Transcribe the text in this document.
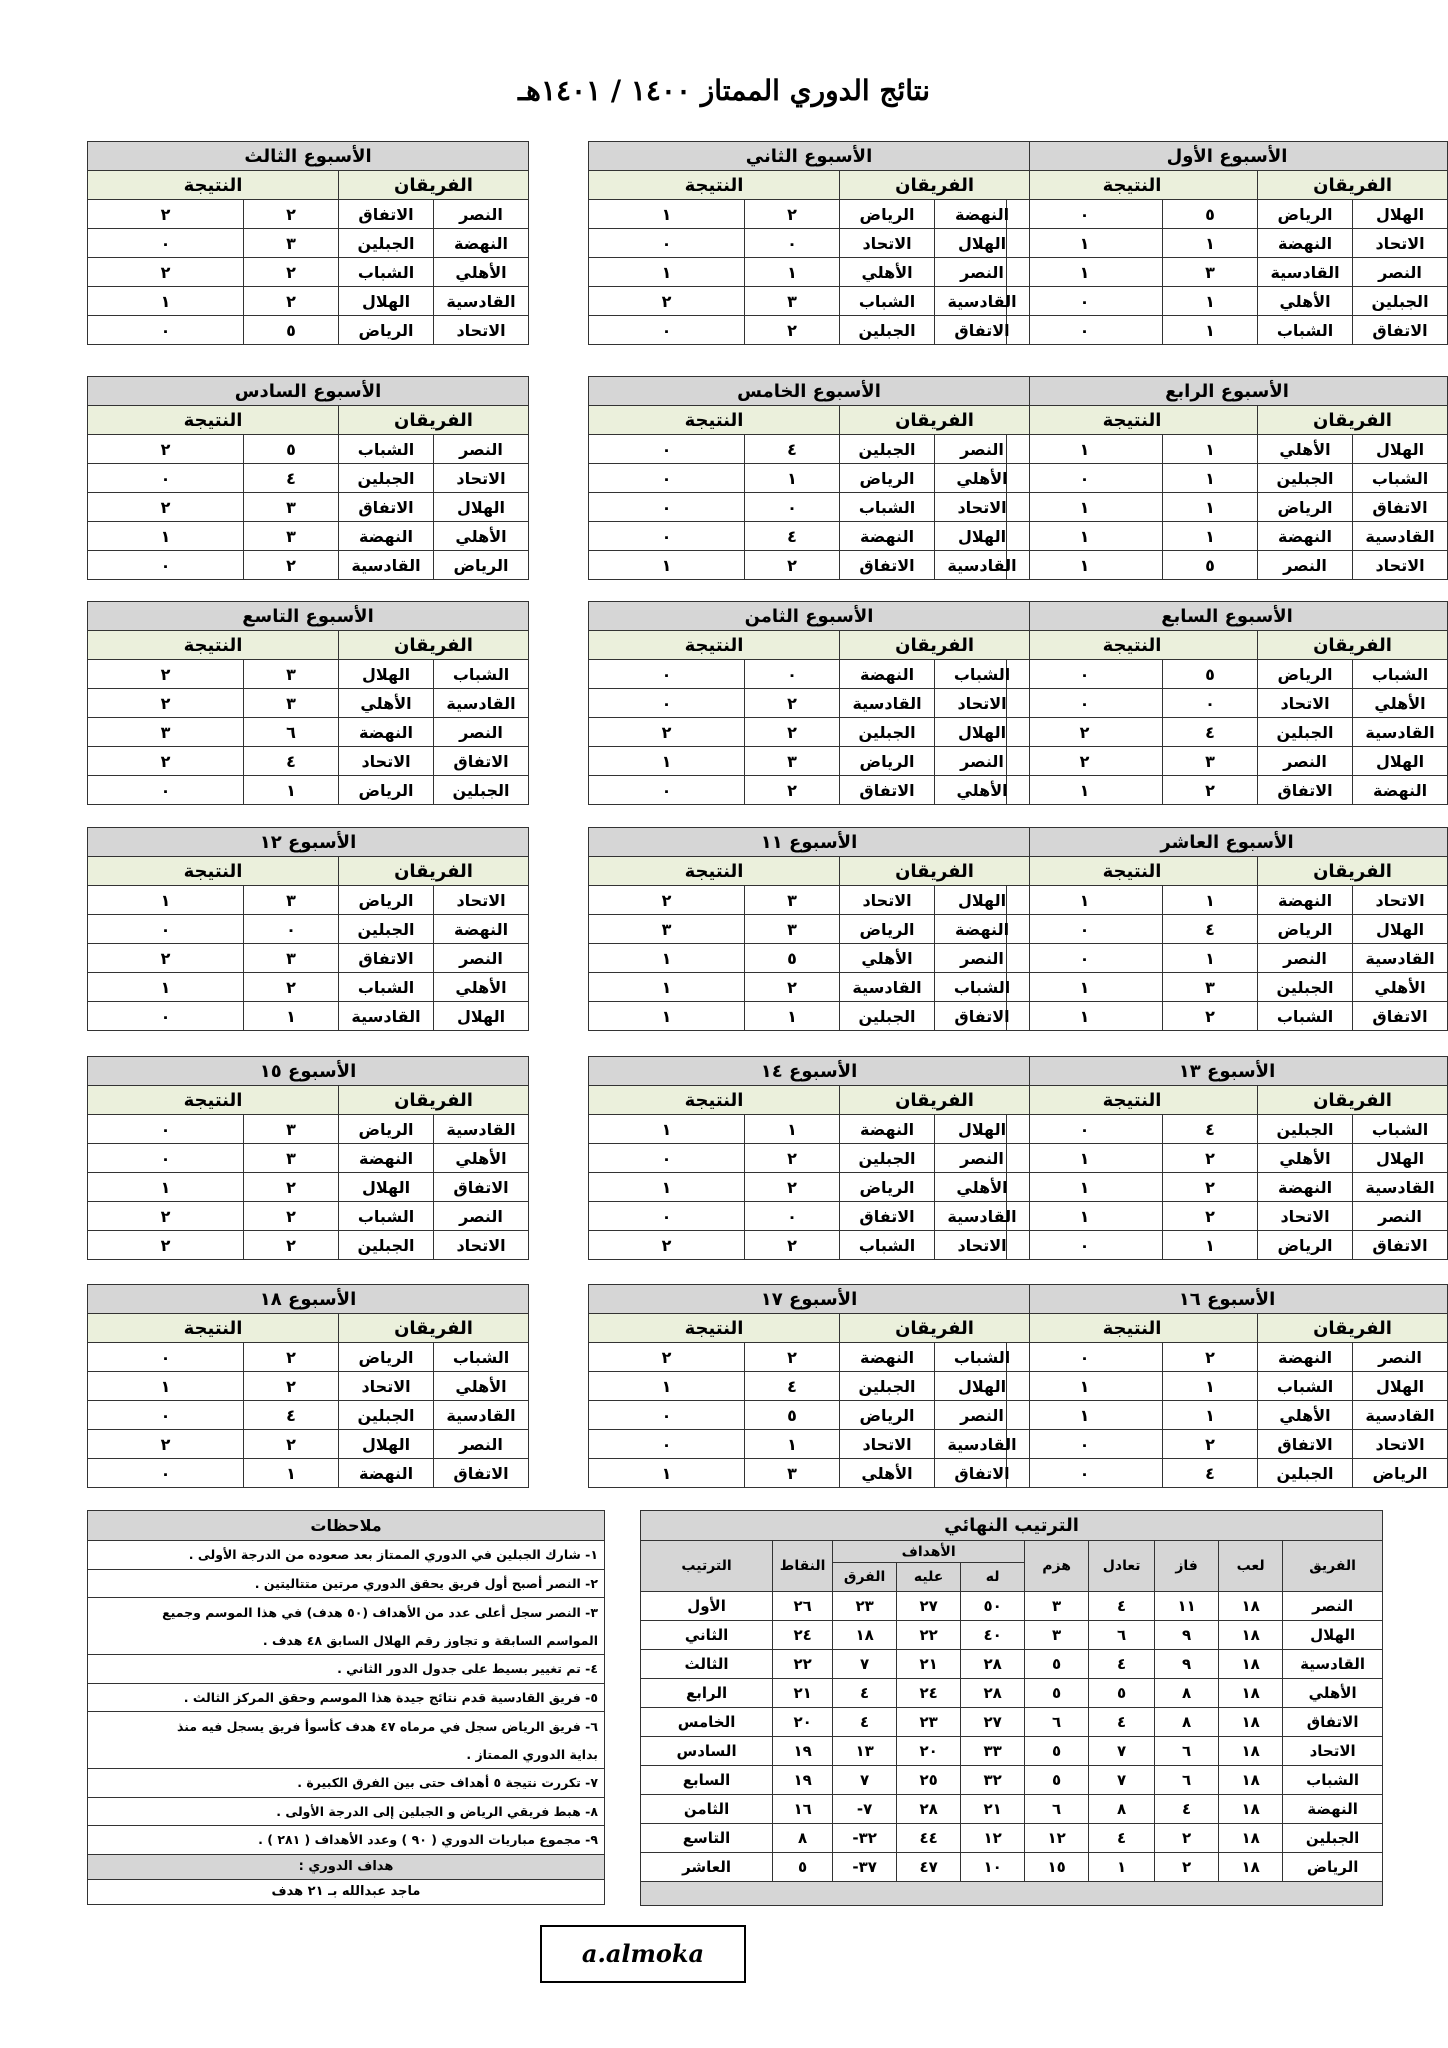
نتائج الدوري الممتاز ١٤٠٠ / ١٤٠١هـ
الأسبوع الأول			
الفريقان		النتيجة	
الهلال	الرياض	٥	٠
الاتحاد	النهضة	١	١
النصر	القادسية	٣	١
الجبلين	الأهلي	١	٠
الاتفاق	الشباب	١	٠
الأسبوع الثاني			
الفريقان		النتيجة	
النهضة	الرياض	٢	١
الهلال	الاتحاد	٠	٠
النصر	الأهلي	١	١
القادسية	الشباب	٣	٢
الاتفاق	الجبلين	٢	٠
الأسبوع الثالث			
الفريقان		النتيجة	
النصر	الاتفاق	٢	٢
النهضة	الجبلين	٣	٠
الأهلي	الشباب	٢	٢
القادسية	الهلال	٢	١
الاتحاد	الرياض	٥	٠
الأسبوع الرابع			
الفريقان		النتيجة	
الهلال	الأهلي	١	١
الشباب	الجبلين	١	٠
الاتفاق	الرياض	١	١
القادسية	النهضة	١	١
الاتحاد	النصر	٥	١
الأسبوع الخامس			
الفريقان		النتيجة	
النصر	الجبلين	٤	٠
الأهلي	الرياض	١	٠
الاتحاد	الشباب	٠	٠
الهلال	النهضة	٤	٠
القادسية	الاتفاق	٢	١
الأسبوع السادس			
الفريقان		النتيجة	
النصر	الشباب	٥	٢
الاتحاد	الجبلين	٤	٠
الهلال	الاتفاق	٣	٢
الأهلي	النهضة	٣	١
الرياض	القادسية	٢	٠
الأسبوع السابع			
الفريقان		النتيجة	
الشباب	الرياض	٥	٠
الأهلي	الاتحاد	٠	٠
القادسية	الجبلين	٤	٢
الهلال	النصر	٣	٢
النهضة	الاتفاق	٢	١
الأسبوع الثامن			
الفريقان		النتيجة	
الشباب	النهضة	٠	٠
الاتحاد	القادسية	٢	٠
الهلال	الجبلين	٢	٢
النصر	الرياض	٣	١
الأهلي	الاتفاق	٢	٠
الأسبوع التاسع			
الفريقان		النتيجة	
الشباب	الهلال	٣	٢
القادسية	الأهلي	٣	٢
النصر	النهضة	٦	٣
الاتفاق	الاتحاد	٤	٢
الجبلين	الرياض	١	٠
الأسبوع العاشر			
الفريقان		النتيجة	
الاتحاد	النهضة	١	١
الهلال	الرياض	٤	٠
القادسية	النصر	١	٠
الأهلي	الجبلين	٣	١
الاتفاق	الشباب	٢	١
الأسبوع ١١			
الفريقان		النتيجة	
الهلال	الاتحاد	٣	٢
النهضة	الرياض	٣	٣
النصر	الأهلي	٥	١
الشباب	القادسية	٢	١
الاتفاق	الجبلين	١	١
الأسبوع ١٢			
الفريقان		النتيجة	
الاتحاد	الرياض	٣	١
النهضة	الجبلين	٠	٠
النصر	الاتفاق	٣	٢
الأهلي	الشباب	٢	١
الهلال	القادسية	١	٠
الأسبوع ١٣			
الفريقان		النتيجة	
الشباب	الجبلين	٤	٠
الهلال	الأهلي	٢	١
القادسية	النهضة	٢	١
النصر	الاتحاد	٢	١
الاتفاق	الرياض	١	٠
الأسبوع ١٤			
الفريقان		النتيجة	
الهلال	النهضة	١	١
النصر	الجبلين	٢	٠
الأهلي	الرياض	٢	١
القادسية	الاتفاق	٠	٠
الاتحاد	الشباب	٢	٢
الأسبوع ١٥			
الفريقان		النتيجة	
القادسية	الرياض	٣	٠
الأهلي	النهضة	٣	٠
الاتفاق	الهلال	٢	١
النصر	الشباب	٢	٢
الاتحاد	الجبلين	٢	٢
الأسبوع ١٦			
الفريقان		النتيجة	
النصر	النهضة	٢	٠
الهلال	الشباب	١	١
القادسية	الأهلي	١	١
الاتحاد	الاتفاق	٢	٠
الرياض	الجبلين	٤	٠
الأسبوع ١٧			
الفريقان		النتيجة	
الشباب	النهضة	٢	٢
الهلال	الجبلين	٤	١
النصر	الرياض	٥	٠
القادسية	الاتحاد	١	٠
الاتفاق	الأهلي	٣	١
الأسبوع ١٨			
الفريقان		النتيجة	
الشباب	الرياض	٢	٠
الأهلي	الاتحاد	٢	١
القادسية	الجبلين	٤	٠
النصر	الهلال	٢	٢
الاتفاق	النهضة	١	٠
ملاحظات
١- شارك الجبلين في الدوري الممتاز بعد صعوده من الدرجة الأولى .
٢- النصر أصبح أول فريق يحقق الدوري مرتين متتاليتين .
٣- النصر سجل أعلى عدد من الأهداف (٥٠ هدف) في هذا الموسم وجميع
المواسم السابقة و تجاوز رقم الهلال السابق ٤٨ هدف .
٤- تم تغيير بسيط على جدول الدور الثاني .
٥- فريق القادسية قدم نتائج جيدة هذا الموسم وحقق المركز الثالث .
٦- فريق الرياض سجل في مرماه ٤٧ هدف كأسوأ فريق يسجل فيه منذ
بداية الدوري الممتاز .
٧- تكررت نتيجة ٥ أهداف حتى بين الفرق الكبيرة .
٨- هبط فريقي الرياض و الجبلين إلى الدرجة الأولى .
٩- مجموع مباريات الدوري ( ٩٠ ) وعدد الأهداف ( ٢٨١ ) .
هداف الدوري :
ماجد عبدالله بـ ٢١ هدف
الترتيب النهائي									
الفريق	لعب	فاز	تعادل	هزم	الأهداف			النقاط	الترتيب
					له	عليه	الفرق		
النصر	١٨	١١	٤	٣	٥٠	٢٧	٢٣	٢٦	الأول
الهلال	١٨	٩	٦	٣	٤٠	٢٢	١٨	٢٤	الثاني
القادسية	١٨	٩	٤	٥	٢٨	٢١	٧	٢٢	الثالث
الأهلي	١٨	٨	٥	٥	٢٨	٢٤	٤	٢١	الرابع
الاتفاق	١٨	٨	٤	٦	٢٧	٢٣	٤	٢٠	الخامس
الاتحاد	١٨	٦	٧	٥	٣٣	٢٠	١٣	١٩	السادس
الشباب	١٨	٦	٧	٥	٣٢	٢٥	٧	١٩	السابع
النهضة	١٨	٤	٨	٦	٢١	٢٨	-٧	١٦	الثامن
الجبلين	١٨	٢	٤	١٢	١٢	٤٤	-٣٢	٨	التاسع
الرياض	١٨	٢	١	١٥	١٠	٤٧	-٣٧	٥	العاشر

a.almoka
